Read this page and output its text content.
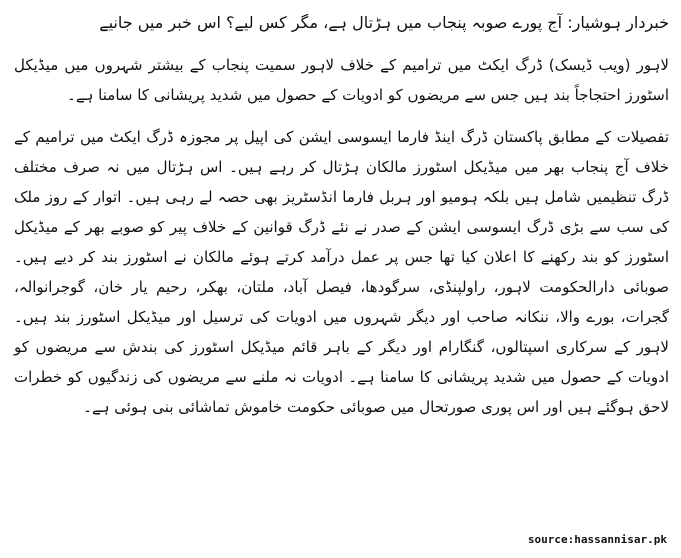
خبردار ہوشیار: آج پورے صوبہ پنجاب میں ہڑتال ہے، مگر کس لیے؟ اس خبر میں جانیے

لاہور (ویب ڈیسک) ڈرگ ایکٹ میں ترامیم کے خلاف لاہور سمیت پنجاب کے بیشتر شہروں میں میڈیکل اسٹورز احتجاجاً بند ہیں جس سے مریضوں کو ادویات کے حصول میں شدید پریشانی کا سامنا ہے۔

تفصیلات کے مطابق پاکستان ڈرگ اینڈ فارما ایسوسی ایشن کی اپیل پر مجوزہ ڈرگ ایکٹ میں ترامیم کے خلاف آج پنجاب بھر میں میڈیکل اسٹورز مالکان ہڑتال کر رہے ہیں۔ اس ہڑتال میں نہ صرف مختلف ڈرگ تنظیمیں شامل ہیں بلکہ ہومیو اور ہربل فارما انڈسٹریز بھی حصہ لے رہی ہیں۔ اتوار کے روز ملک کی سب سے بڑی ڈرگ ایسوسی ایشن کے صدر نے نئے ڈرگ قوانین کے خلاف پیر کو صوبے بھر کے میڈیکل اسٹورز کو بند رکھنے کا اعلان کیا تھا جس پر عمل درآمد کرتے ہوئے مالکان نے اسٹورز بند کر دیے ہیں۔ صوبائی دارالحکومت لاہور، راولپنڈی، سرگودھا، فیصل آباد، ملتان، بھکر، رحیم یار خان، گوجرانوالہ، گجرات، بورے والا، ننکانہ صاحب اور دیگر شہروں میں ادویات کی ترسیل اور میڈیکل اسٹورز بند ہیں۔ لاہور کے سرکاری اسپتالوں، گنگارام اور دیگر کے باہر قائم میڈیکل اسٹورز کی بندش سے مریضوں کو ادویات کے حصول میں شدید پریشانی کا سامنا ہے۔ ادویات نہ ملنے سے مریضوں کی زندگیوں کو خطرات لاحق ہوگئے ہیں اور اس پوری صورتحال میں صوبائی حکومت خاموش تماشائی بنی ہوئی ہے۔

source:hassannisar.pk
